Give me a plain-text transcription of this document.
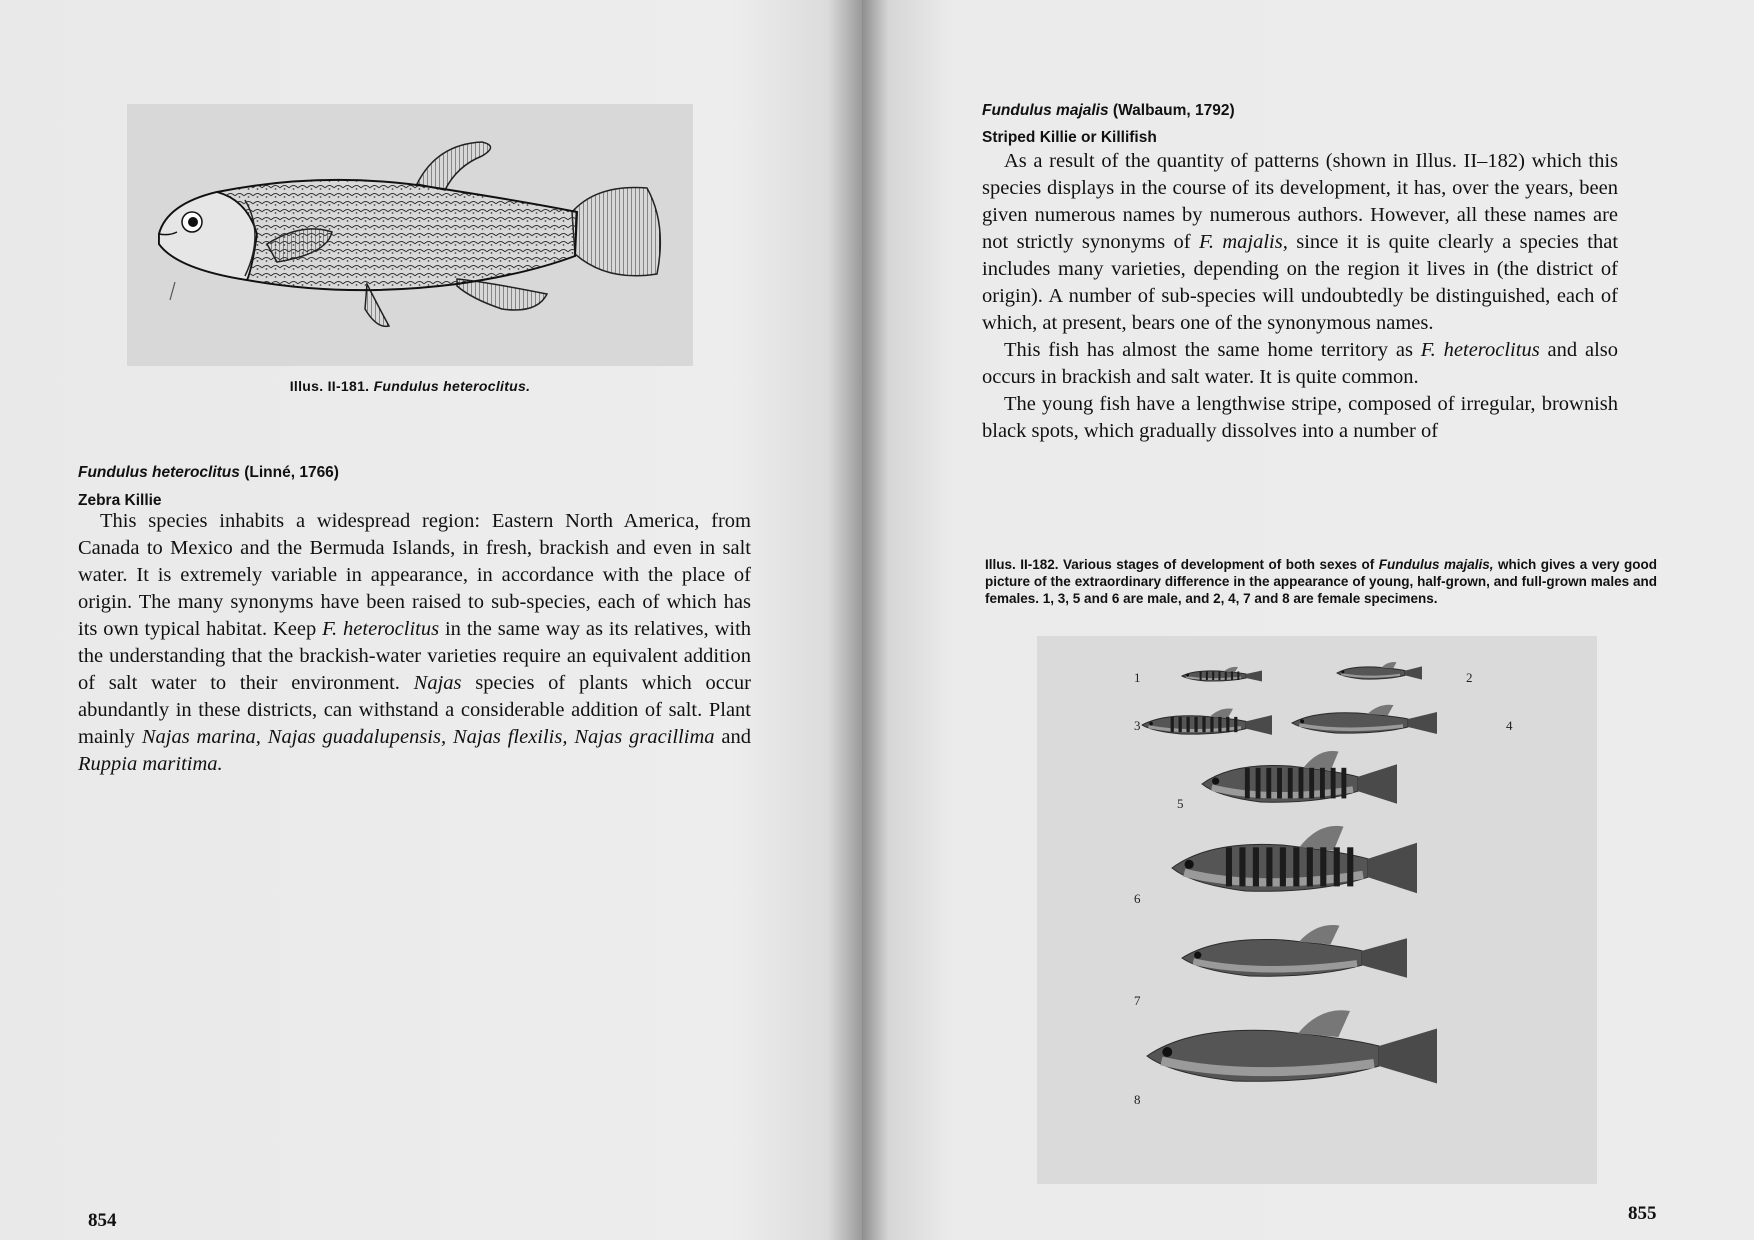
Illus. II-181. Fundulus heteroclitus.
Fundulus heteroclitus (Linné, 1766)
Zebra Killie

This species inhabits a widespread region: Eastern North America, from Canada to Mexico and the Bermuda Islands, in fresh, brackish and even in salt water. It is extremely variable in appearance, in accordance with the place of origin. The many synonyms have been raised to sub-species, each of which has its own typical habitat. Keep F. heteroclitus in the same way as its relatives, with the understanding that the brackish-water varieties require an equivalent addition of salt water to their environment. Najas species of plants which occur abundantly in these districts, can withstand a considerable addition of salt. Plant mainly Najas marina, Najas guadalupensis, Najas flexilis, Najas gracillima and Ruppia maritima.

854
Fundulus majalis (Walbaum, 1792)
Striped Killie or Killifish

As a result of the quantity of patterns (shown in Illus. II–182) which this species displays in the course of its development, it has, over the years, been given numerous names by numerous authors. However, all these names are not strictly synonyms of F. majalis, since it is quite clearly a species that includes many varieties, depending on the region it lives in (the district of origin). A number of sub-species will undoubtedly be distinguished, each of which, at present, bears one of the synonymous names.

This fish has almost the same home territory as F. heteroclitus and also occurs in brackish and salt water. It is quite common.

The young fish have a lengthwise stripe, composed of irregular, brownish black spots, which gradually dissolves into a number of

Illus. II-182. Various stages of development of both sexes of Fundulus majalis, which gives a very good picture of the extraordinary difference in the appearance of young, half-grown, and full-grown males and females. 1, 3, 5 and 6 are male, and 2, 4, 7 and 8 are female specimens.
1	2
3	4
5
6
7
8
855
